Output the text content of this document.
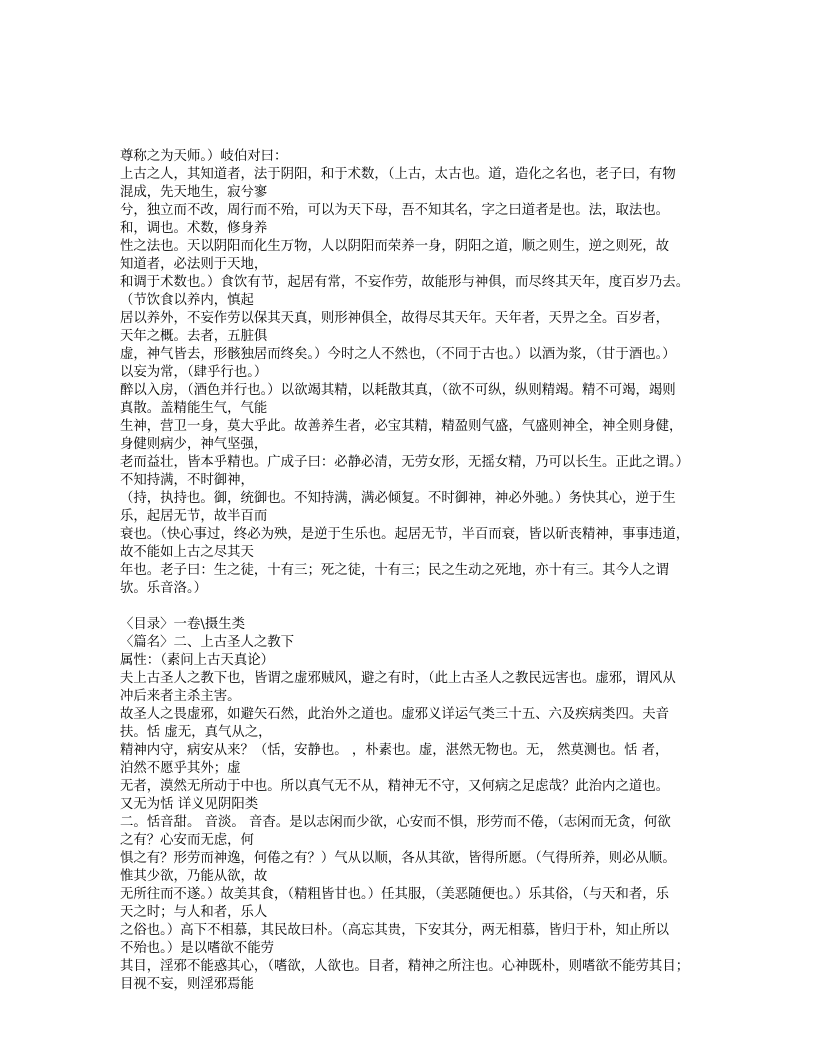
尊称之为天师。）岐伯对曰：
上古之人，其知道者，法于阴阳，和于术数，（上古，太古也。道，造化之名也，老子曰，有物
混成，先天地生，寂兮寥
兮，独立而不改，周行而不殆，可以为天下母，吾不知其名，字之曰道者是也。法，取法也。
和，调也。术数，修身养
性之法也。天以阴阳而化生万物，人以阴阳而荣养一身，阴阳之道，顺之则生，逆之则死，故
知道者，必法则于天地，
和调于术数也。）食饮有节，起居有常，不妄作劳，故能形与神俱，而尽终其天年，度百岁乃去。
（节饮食以养内，慎起
居以养外，不妄作劳以保其天真，则形神俱全，故得尽其天年。天年者，天畀之全。百岁者，
天年之概。去者，五脏俱
虚，神气皆去，形骸独居而终矣。）今时之人不然也，（不同于古也。）以酒为浆，（甘于酒也。）
以妄为常，（肆乎行也。）
醉以入房，（酒色并行也。）以欲竭其精，以耗散其真，（欲不可纵，纵则精竭。精不可竭，竭则
真散。盖精能生气，气能
生神，营卫一身，莫大乎此。故善养生者，必宝其精，精盈则气盛，气盛则神全，神全则身健，
身健则病少，神气坚强，
老而益壮，皆本乎精也。广成子曰：必静必清，无劳女形，无摇女精，乃可以长生。正此之谓。）
不知持满，不时御神，
（持，执持也。御，统御也。不知持满，满必倾复。不时御神，神必外驰。）务快其心，逆于生
乐，起居无节，故半百而
衰也。（快心事过，终必为殃，是逆于生乐也。起居无节，半百而衰，皆以斫丧精神，事事违道，
故不能如上古之尽其天
年也。老子曰：生之徒，十有三；死之徒，十有三；民之生动之死地，亦十有三。其今人之谓
欤。乐音洛。）
〈目录〉一卷\摄生类
〈篇名〉二、上古圣人之教下
属性：（素问上古天真论）
夫上古圣人之教下也，皆谓之虚邪贼风，避之有时，（此上古圣人之教民远害也。虚邪，谓风从
冲后来者主杀主害。
故圣人之畏虚邪，如避矢石然，此治外之道也。虚邪义详运气类三十五、六及疾病类四。夫音
扶。恬 虚无，真气从之，
精神内守，病安从来？（恬，安静也。 ，朴素也。虚，湛然无物也。无， 然莫测也。恬 者，
泊然不愿乎其外；虚
无者，漠然无所动于中也。所以真气无不从，精神无不守，又何病之足虑哉？此治内之道也。
又无为恬 详义见阴阳类
二。恬音甜。 音淡。 音杳。是以志闲而少欲，心安而不惧，形劳而不倦，（志闲而无贪，何欲
之有？心安而无虑，何
惧之有？形劳而神逸，何倦之有？）气从以顺，各从其欲，皆得所愿。（气得所养，则必从顺。
惟其少欲，乃能从欲，故
无所往而不遂。）故美其食，（精粗皆甘也。）任其服，（美恶随便也。）乐其俗，（与天和者，乐
天之时；与人和者，乐人
之俗也。）高下不相慕，其民故曰朴。（高忘其贵，下安其分，两无相慕，皆归于朴，知止所以
不殆也。）是以嗜欲不能劳
其目，淫邪不能惑其心，（嗜欲，人欲也。目者，精神之所注也。心神既朴，则嗜欲不能劳其目；
目视不妄，则淫邪焉能
